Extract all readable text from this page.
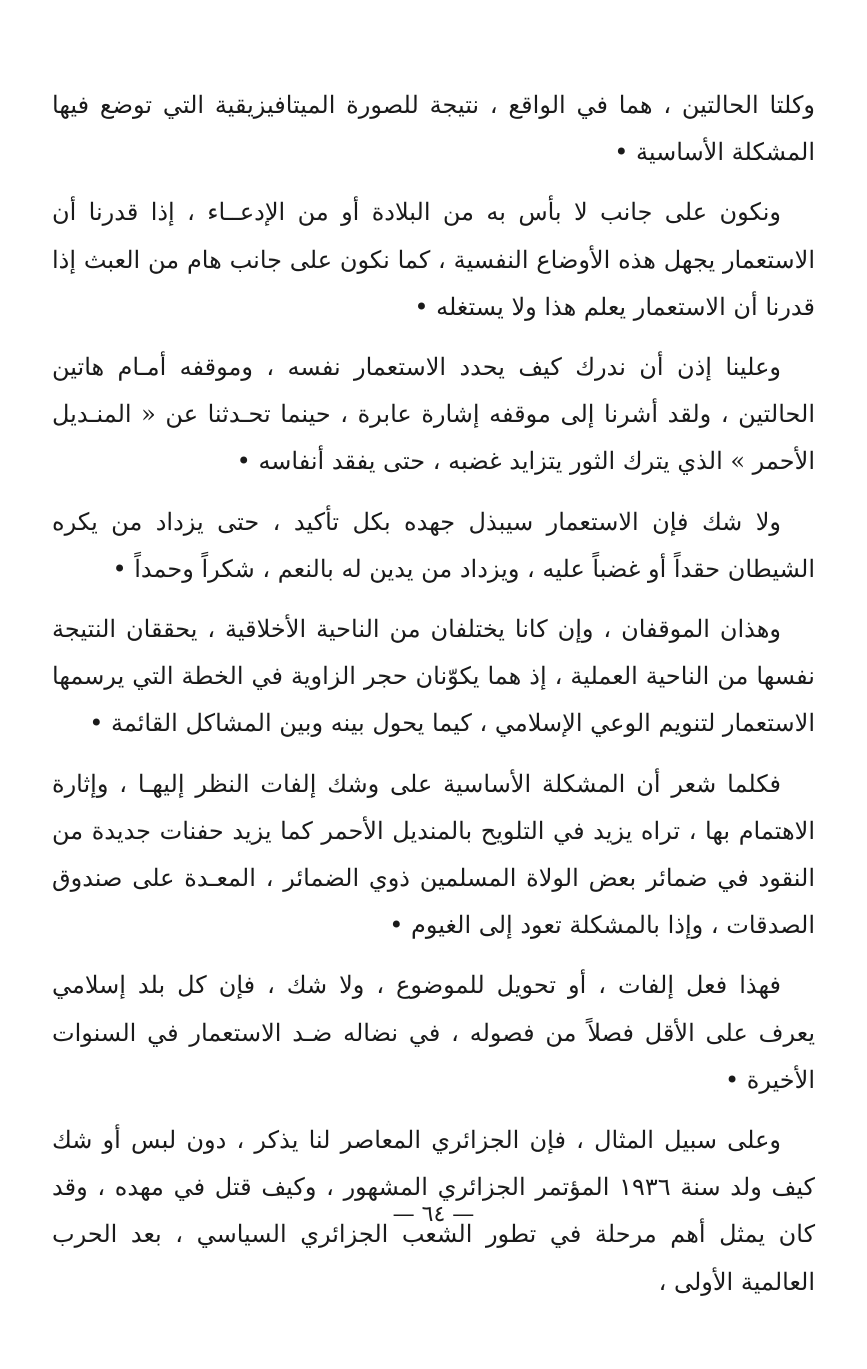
وكلتا الحالتين ، هما في الواقع ، نتيجة للصورة الميتافيزيقية التي توضع فيها المشكلة الأساسية •

ونكون على جانب لا بأس به من البلادة أو من الإدعــاء ، إذا قدرنا أن الاستعمار يجهل هذه الأوضاع النفسية ، كما نكون على جانب هام من العبث إذا قدرنا أن الاستعمار يعلم هذا ولا يستغله •

وعلينا إذن أن ندرك كيف يحدد الاستعمار نفسه ، وموقفه أمـام هاتين الحالتين ، ولقد أشرنا إلى موقفه إشارة عابرة ، حينما تحـدثنا عن « المنـديل الأحمر » الذي يترك الثور يتزايد غضبه ، حتى يفقد أنفاسه •

ولا شك فإن الاستعمار سيبذل جهده بكل تأكيد ، حتى يزداد من يكره الشيطان حقداً أو غضباً عليه ، ويزداد من يدين له بالنعم ، شكراً وحمداً •

وهذان الموقفان ، وإن كانا يختلفان من الناحية الأخلاقية ، يحققان النتيجة نفسها من الناحية العملية ، إذ هما يكوّنان حجر الزاوية في الخطة التي يرسمها الاستعمار لتنويم الوعي الإسلامي ، كيما يحول بينه وبين المشاكل القائمة •

فكلما شعر أن المشكلة الأساسية على وشك إلفات النظر إليهـا ، وإثارة الاهتمام بها ، تراه يزيد في التلويح بالمنديل الأحمر كما يزيد حفنات جديدة من النقود في ضمائر بعض الولاة المسلمين ذوي الضمائر ، المعـدة على صندوق الصدقات ، وإذا بالمشكلة تعود إلى الغيوم •

فهذا فعل إلفات ، أو تحويل للموضوع ، ولا شك ، فإن كل بلد إسلامي يعرف على الأقل فصلاً من فصوله ، في نضاله ضـد الاستعمار في السنوات الأخيرة •

وعلى سبيل المثال ، فإن الجزائري المعاصر لنا يذكر ، دون لبس أو شك كيف ولد سنة ١٩٣٦ المؤتمر الجزائري المشهور ، وكيف قتل في مهده ، وقد كان يمثل أهم مرحلة في تطور الشعب الجزائري السياسي ، بعد الحرب العالمية الأولى ،

— ٦٤ —
